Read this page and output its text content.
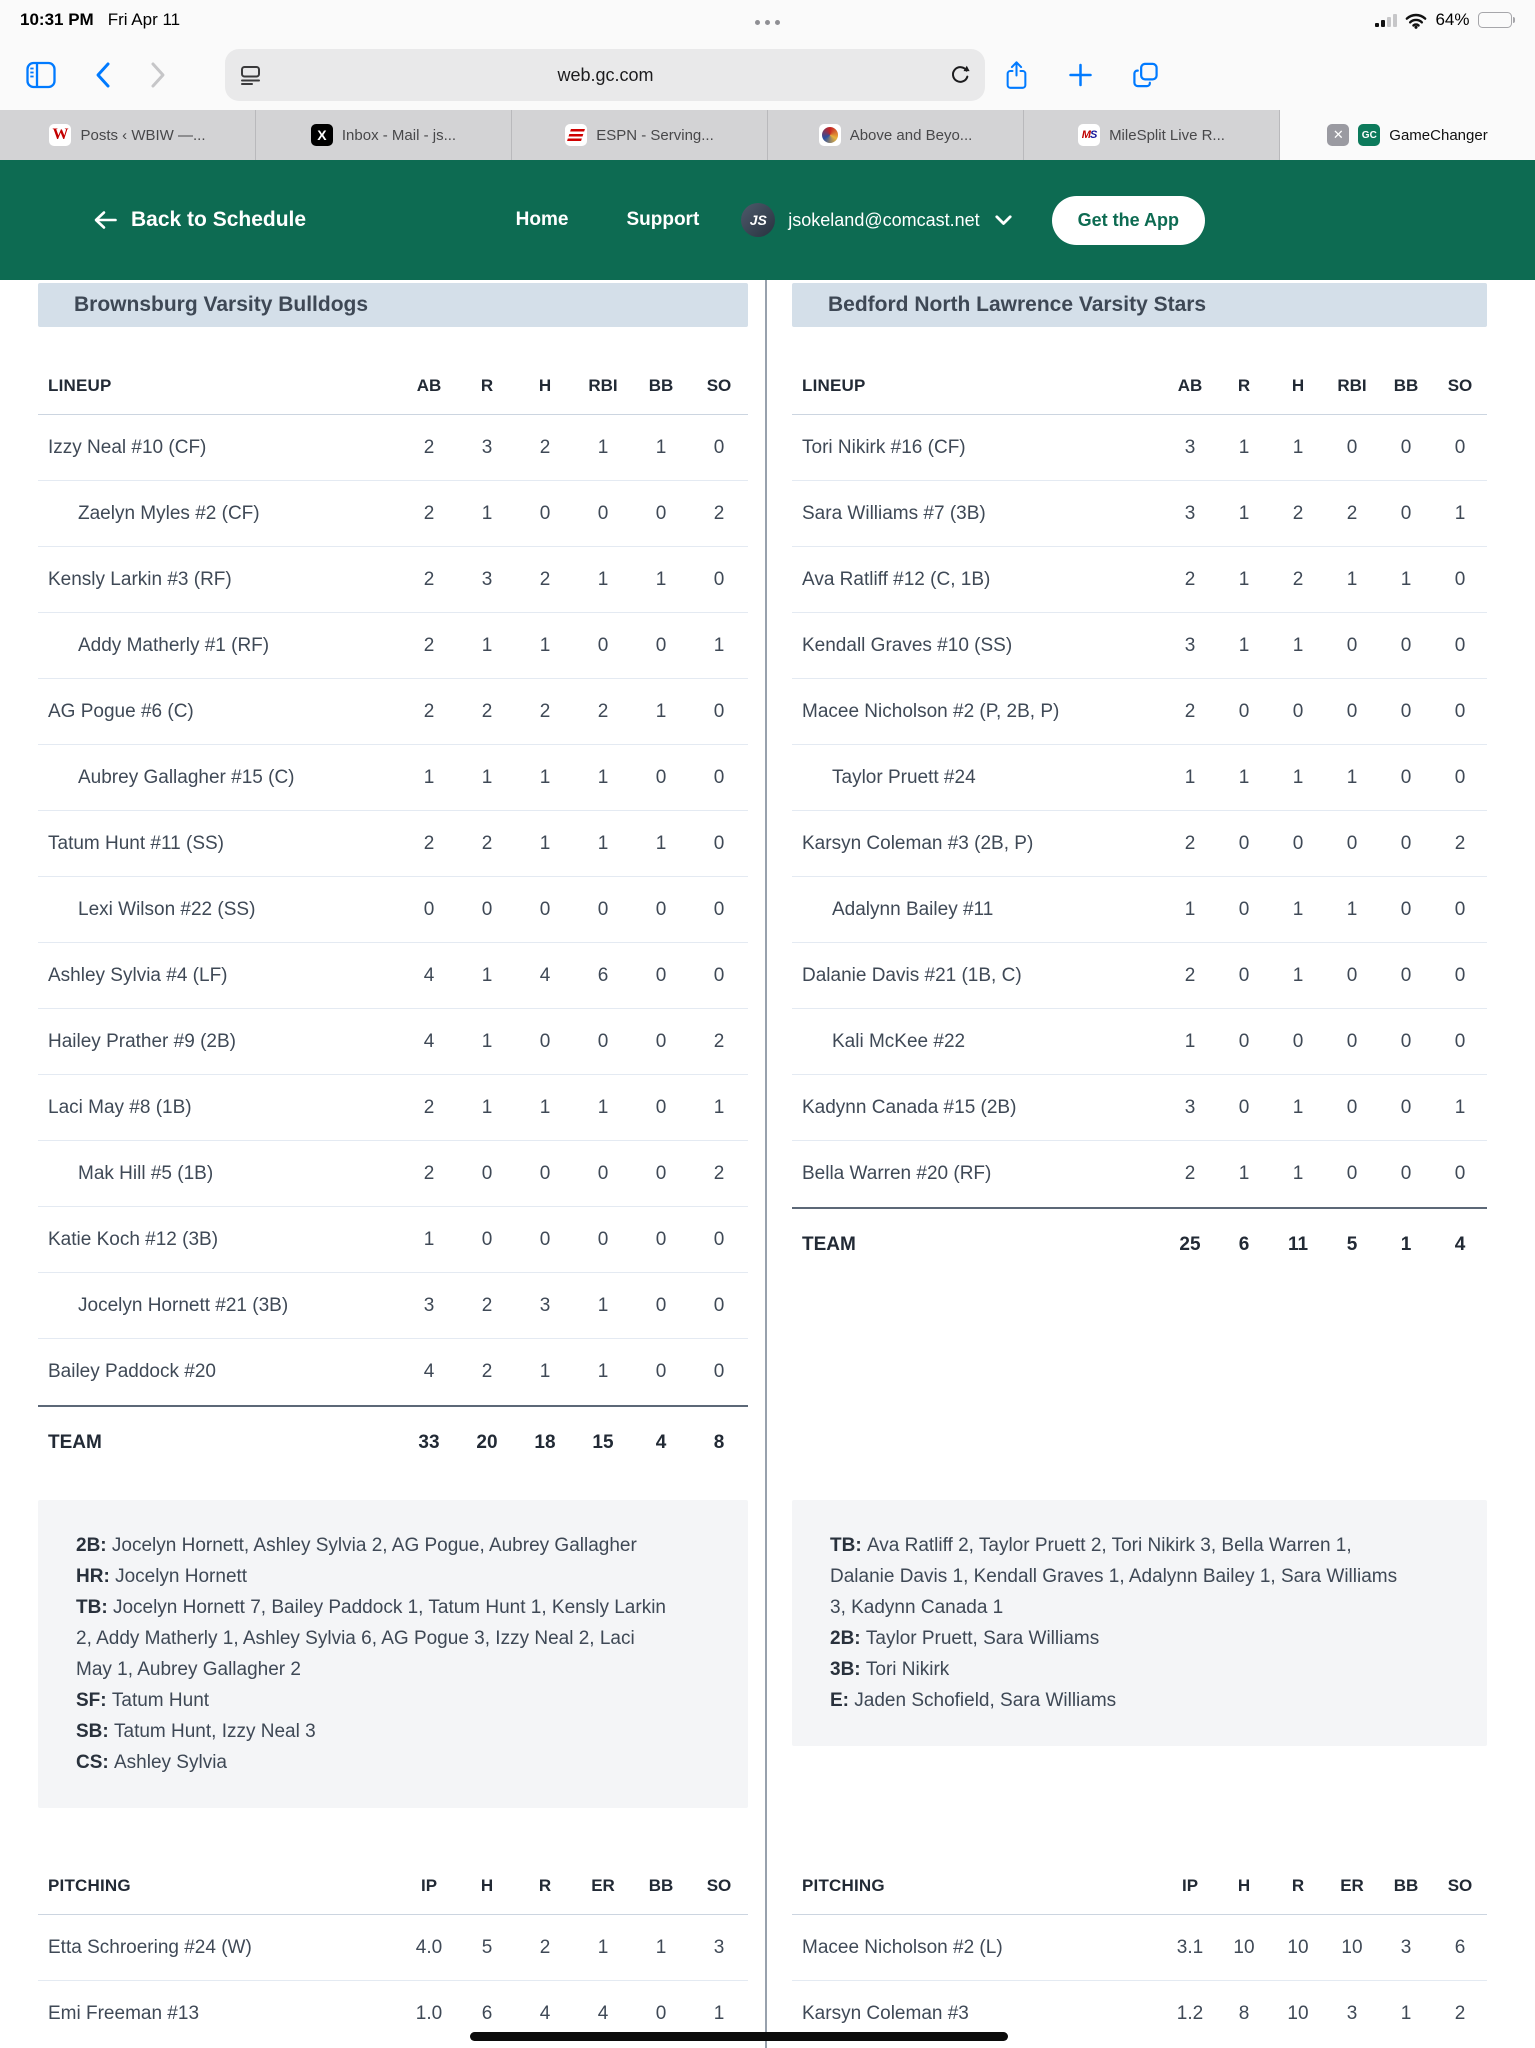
10:31 PM Fri Apr 11	64%
web.gc.com
W Posts ‹ WBIW —...	X	Inbox - Mail - js...	ESPN - Serving...	Above and Beyo...	M S MileSplit Live R...	✕	GC GameChanger
Back to Schedule	Home	Support	JS	jsokeland@comcast.net	Get the App
Brownsburg Varsity Bulldogs
LINEUP	AB	R	H	RBI	BB	SO
Izzy Neal #10 (CF)	2	3	2	1	1	0
Zaelyn Myles #2 (CF)	2	1	0	0	0	2
Kensly Larkin #3 (RF)	2	3	2	1	1	0
Addy Matherly #1 (RF)	2	1	1	0	0	1
AG Pogue #6 (C)	2	2	2	2	1	0
Aubrey Gallagher #15 (C)	1	1	1	1	0	0
Tatum Hunt #11 (SS)	2	2	1	1	1	0
Lexi Wilson #22 (SS)	0	0	0	0	0	0
Ashley Sylvia #4 (LF)	4	1	4	6	0	0
Hailey Prather #9 (2B)	4	1	0	0	0	2
Laci May #8 (1B)	2	1	1	1	0	1
Mak Hill #5 (1B)	2	0	0	0	0	2
Katie Koch #12 (3B)	1	0	0	0	0	0
Jocelyn Hornett #21 (3B)	3	2	3	1	0	0
Bailey Paddock #20	4	2	1	1	0	0
TEAM	33	20	18	15	4	8
Bedford North Lawrence Varsity Stars
LINEUP	AB	R	H	RBI	BB	SO
Tori Nikirk #16 (CF)	3	1	1	0	0	0
Sara Williams #7 (3B)	3	1	2	2	0	1
Ava Ratliff #12 (C, 1B)	2	1	2	1	1	0
Kendall Graves #10 (SS)	3	1	1	0	0	0
Macee Nicholson #2 (P, 2B, P)	2	0	0	0	0	0
Taylor Pruett #24	1	1	1	1	0	0
Karsyn Coleman #3 (2B, P)	2	0	0	0	0	2
Adalynn Bailey #11	1	0	1	1	0	0
Dalanie Davis #21 (1B, C)	2	0	1	0	0	0
Kali McKee #22	1	0	0	0	0	0
Kadynn Canada #15 (2B)	3	0	1	0	0	1
Bella Warren #20 (RF)	2	1	1	0	0	0
TEAM	25	6	11	5	1	4

2B: Jocelyn Hornett, Ashley Sylvia 2, AG Pogue, Aubrey Gallagher

HR: Jocelyn Hornett

TB: Jocelyn Hornett 7, Bailey Paddock 1, Tatum Hunt 1, Kensly Larkin 2, Addy Matherly 1, Ashley Sylvia 6, AG Pogue 3, Izzy Neal 2, Laci May 1, Aubrey Gallagher 2

SF: Tatum Hunt

SB: Tatum Hunt, Izzy Neal 3

CS: Ashley Sylvia

TB: Ava Ratliff 2, Taylor Pruett 2, Tori Nikirk 3, Bella Warren 1, Dalanie Davis 1, Kendall Graves 1, Adalynn Bailey 1, Sara Williams 3, Kadynn Canada 1

2B: Taylor Pruett, Sara Williams

3B: Tori Nikirk

E: Jaden Schofield, Sara Williams

PITCHING	IP	H	R	ER	BB	SO
Etta Schroering #24 (W)	4.0	5	2	1	1	3
Emi Freeman #13	1.0	6	4	4	0	1
PITCHING	IP	H	R	ER	BB	SO
Macee Nicholson #2 (L)	3.1	10	10	10	3	6
Karsyn Coleman #3	1.2	8	10	3	1	2
